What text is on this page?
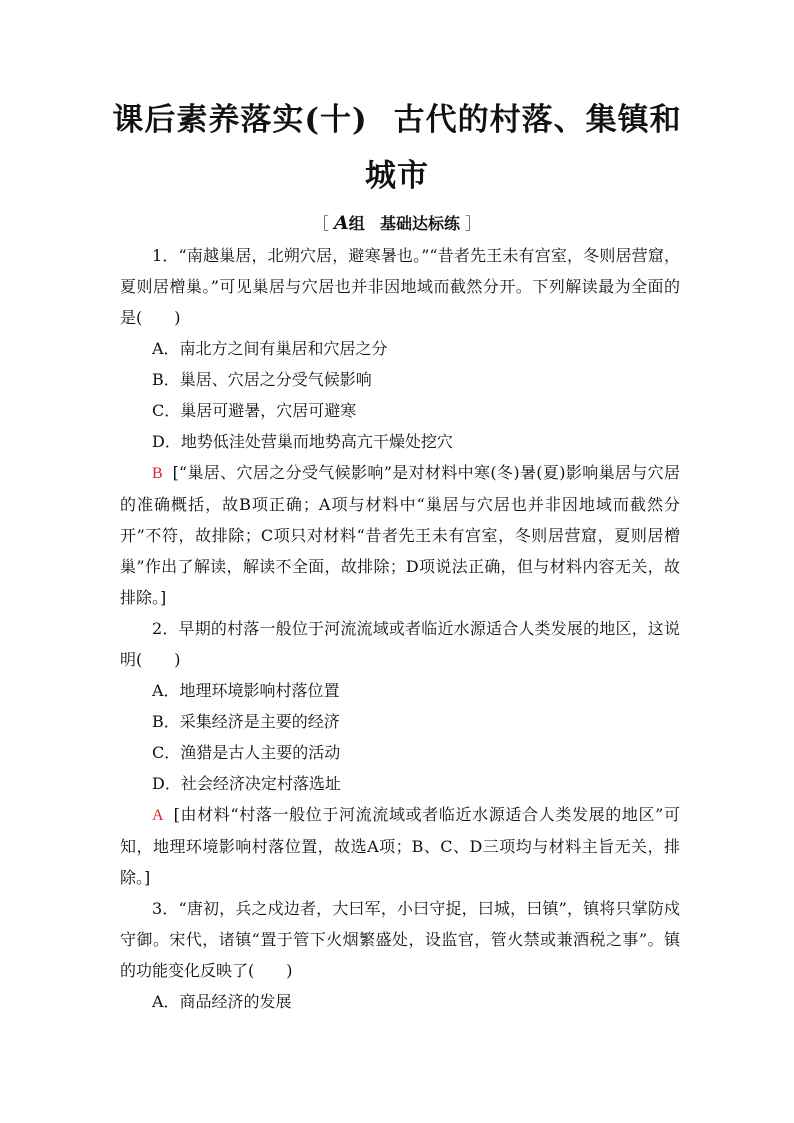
课后素养落实(十) 古代的村落、集镇和城市
［ A组 基础达标练 ］

1．“南越巢居，北朔穴居，避寒暑也。”“昔者先王未有宫室，冬则居营窟，夏则居橧巢。”可见巢居与穴居也并非因地域而截然分开。下列解读最为全面的是(　　)

A．南北方之间有巢居和穴居之分

B．巢居、穴居之分受气候影响

C．巢居可避暑，穴居可避寒

D．地势低洼处营巢而地势高亢干燥处挖穴

B [“巢居、穴居之分受气候影响”是对材料中寒(冬)暑(夏)影响巢居与穴居的准确概括，故B项正确；A项与材料中“巢居与穴居也并非因地域而截然分开”不符，故排除；C项只对材料“昔者先王未有宫室，冬则居营窟，夏则居橧巢”作出了解读，解读不全面，故排除；D项说法正确，但与材料内容无关，故排除。]

2．早期的村落一般位于河流流域或者临近水源适合人类发展的地区，这说明(　　)

A．地理环境影响村落位置

B．采集经济是主要的经济

C．渔猎是古人主要的活动

D．社会经济决定村落选址

A [由材料“村落一般位于河流流域或者临近水源适合人类发展的地区”可知，地理环境影响村落位置，故选A项；B、C、D三项均与材料主旨无关，排除。]

3．“唐初，兵之戍边者，大曰军，小曰守捉，曰城，曰镇”，镇将只掌防戍守御。宋代，诸镇“置于管下火烟繁盛处，设监官，管火禁或兼酒税之事”。镇的功能变化反映了(　　)

A．商品经济的发展
